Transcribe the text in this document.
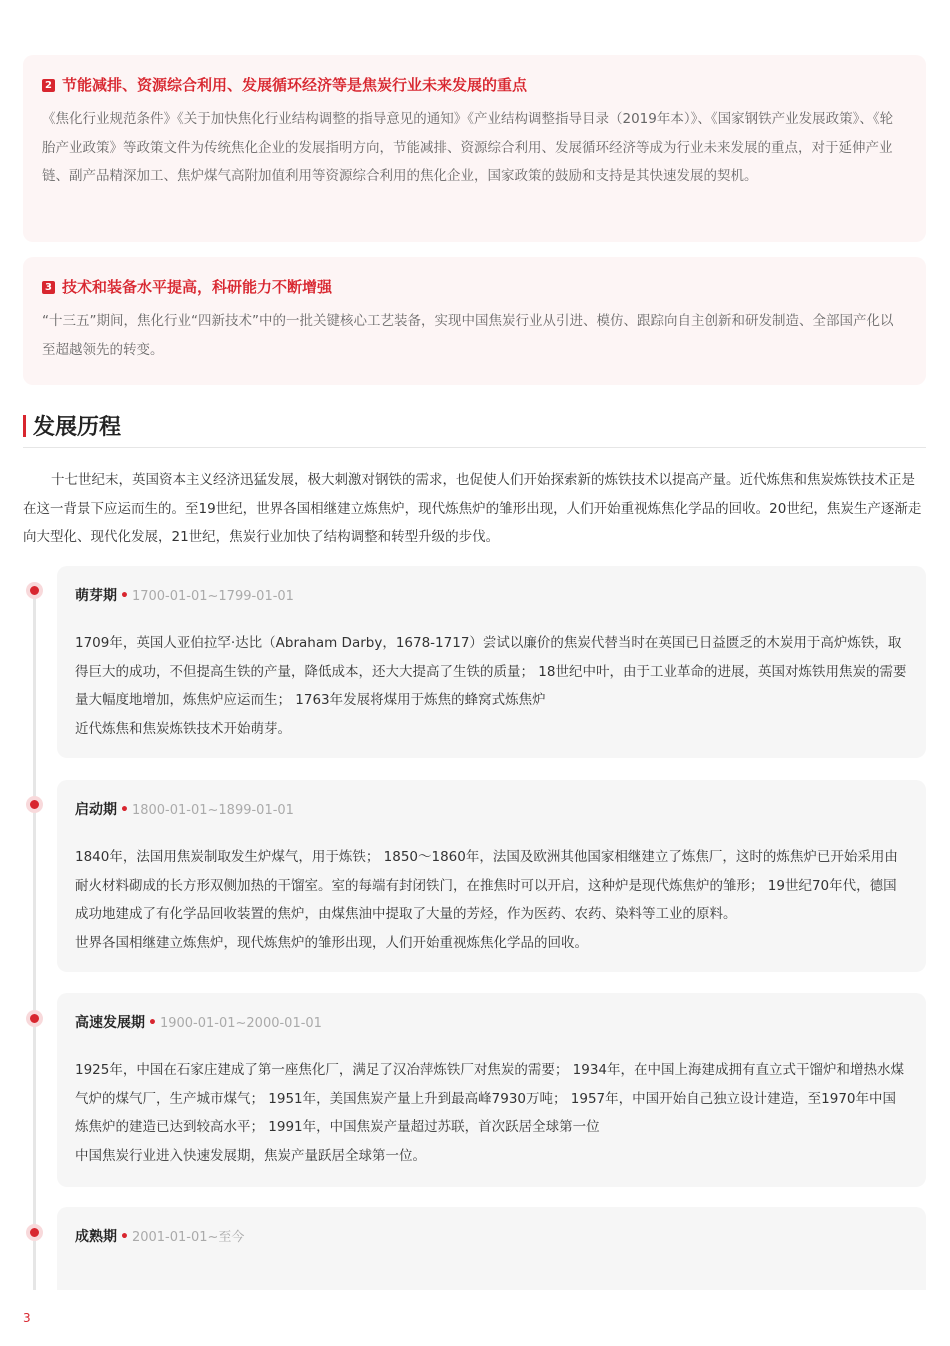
2 节能减排、资源综合利用、发展循环经济等是焦炭行业未来发展的重点
《焦化行业规范条件》《关于加快焦化行业结构调整的指导意见的通知》《产业结构调整指导目录（2019年本）》、《国家钢铁产业发展政策》、《轮胎产业政策》等政策文件为传统焦化企业的发展指明方向，节能减排、资源综合利用、发展循环经济等成为行业未来发展的重点，对于延伸产业链、副产品精深加工、焦炉煤气高附加值利用等资源综合利用的焦化企业，国家政策的鼓励和支持是其快速发展的契机。
3 技术和装备水平提高，科研能力不断增强
“十三五”期间，焦化行业“四新技术”中的一批关键核心工艺装备，实现中国焦炭行业从引进、模仿、跟踪向自主创新和研发制造、全部国产化以至超越领先的转变。
发展历程
十七世纪末，英国资本主义经济迅猛发展，极大刺激对钢铁的需求，也促使人们开始探索新的炼铁技术以提高产量。近代炼焦和焦炭炼铁技术正是在这一背景下应运而生的。至19世纪，世界各国相继建立炼焦炉，现代炼焦炉的雏形出现，人们开始重视炼焦化学品的回收。20世纪，焦炭生产逐渐走向大型化、现代化发展，21世纪，焦炭行业加快了结构调整和转型升级的步伐。
萌芽期 • 1700-01-01~1799-01-01
1709年，英国人亚伯拉罕·达比（Abraham Darby，1678-1717）尝试以廉价的焦炭代替当时在英国已日益匮乏的木炭用于高炉炼铁，取得巨大的成功，不但提高生铁的产量，降低成本，还大大提高了生铁的质量； 18世纪中叶，由于工业革命的进展，英国对炼铁用焦炭的需要量大幅度地增加，炼焦炉应运而生； 1763年发展将煤用于炼焦的蜂窝式炼焦炉
近代炼焦和焦炭炼铁技术开始萌芽。
启动期 • 1800-01-01~1899-01-01
1840年，法国用焦炭制取发生炉煤气，用于炼铁； 1850～1860年，法国及欧洲其他国家相继建立了炼焦厂，这时的炼焦炉已开始采用由耐火材料砌成的长方形双侧加热的干馏室。室的每端有封闭铁门，在推焦时可以开启，这种炉是现代炼焦炉的雏形； 19世纪70年代，德国成功地建成了有化学品回收装置的焦炉，由煤焦油中提取了大量的芳烃，作为医药、农药、染料等工业的原料。
世界各国相继建立炼焦炉，现代炼焦炉的雏形出现，人们开始重视炼焦化学品的回收。
高速发展期 • 1900-01-01~2000-01-01
1925年，中国在石家庄建成了第一座焦化厂，满足了汉冶萍炼铁厂对焦炭的需要； 1934年，在中国上海建成拥有直立式干馏炉和增热水煤气炉的煤气厂，生产城市煤气； 1951年，美国焦炭产量上升到最高峰7930万吨； 1957年，中国开始自己独立设计建造，至1970年中国炼焦炉的建造已达到较高水平； 1991年，中国焦炭产量超过苏联，首次跃居全球第一位
中国焦炭行业进入快速发展期，焦炭产量跃居全球第一位。
成熟期 • 2001-01-01~至今
3
